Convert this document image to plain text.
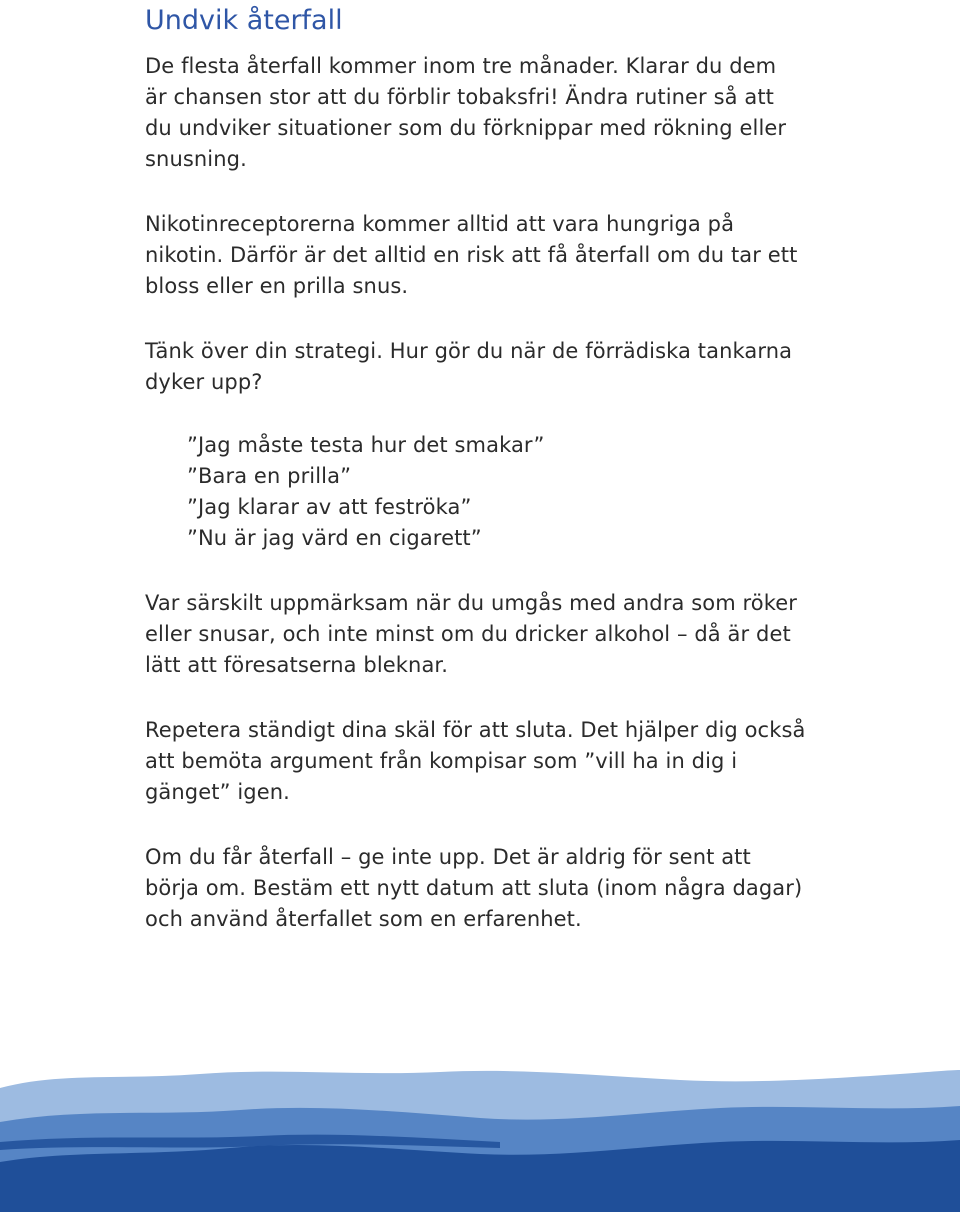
Undvik återfall

De flesta återfall kommer inom tre månader. Klarar du dem
är chansen stor att du förblir tobaksfri! Ändra rutiner så att
du undviker situationer som du förknippar med rökning eller
snusning.

Nikotinreceptorerna kommer alltid att vara hungriga på
nikotin. Därför är det alltid en risk att få återfall om du tar ett
bloss eller en prilla snus.

Tänk över din strategi. Hur gör du när de förrädiska tankarna
dyker upp?

”Jag måste testa hur det smakar”
”Bara en prilla”
”Jag klarar av att feströka”
”Nu är jag värd en cigarett”

Var särskilt uppmärksam när du umgås med andra som röker
eller snusar, och inte minst om du dricker alkohol – då är det
lätt att föresatserna bleknar.

Repetera ständigt dina skäl för att sluta. Det hjälper dig också
att bemöta argument från kompisar som ”vill ha in dig i
gänget” igen.

Om du får återfall – ge inte upp. Det är aldrig för sent att
börja om. Bestäm ett nytt datum att sluta (inom några dagar)
och använd återfallet som en erfarenhet.
